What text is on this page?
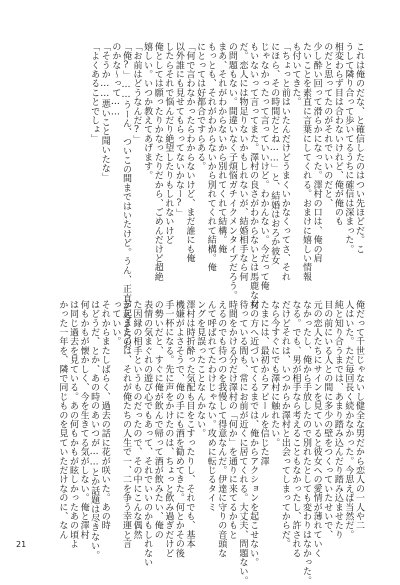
これは俺のだな、と確信したのはつい先ほどだ。こ

うして隣り合って歩いてるうちに確信は深まった。

相変わらず目は合わないけれど、俺が俺のも

のだと思ってたのがそれでいいのだと、

少し酔い回って滑らかになった。澤村の口は、俺の肩

たいことを素直に言葉にしてくれる。おまけに嬉しい情報

も付いてきた。

「ちょっと前はいたんだけどうまくいかなくってさ、それ

にほら、その時間だとね……」と、結婚はおろか彼女

じゃなかったって言っていいけど。わかんない。今だって俺

もいないって言ってまた。澤村の良さがわからないとは馬鹿な女

だ。恋人には物足りないかもしれないが、結婚相手なら何

の問題もない。間違いなく子煩悩ガチイクメンタイプだろう。

まあ、それがわからないから別れてくれて結構。俺

もっとも、それがわからないから別れてくれて結構。俺

にとっては好都合ですらある。

「何で言わなかったらわからないけど、まだ誰にも俺

以外誰にも見せてもらってないかなー?」

したらそれで悩んだり絶望したりもしれないけど

俺としては願ったりかなったりだから、ごめんだけど超絶

嬉しい。いつか教えてあげます。

「お前はどうなんだ?」

「俺?」……うーん、ついこの間まではいたけど。うん、正直そろそろお

のかな〜って……

「そうか……悪いこと聞いたな」

「よくあることでしょ」

俺だって千世じゃないし健全な男だから恋人の一人や二

人はいた。ただ毎回長く続かなかった。今思えば当然だ。

純と知り合うまでは、あまり踏み込んだり踏み込ませたり

目の前にいる人との間に多少の壁をつくっていたせいで、

元の恋人たちにサインを見ていると彼女への愛情が薄れていく

なかったし、俺から手放したので別れたとしても変わりはなかった。

なる。でも、男が相手なら考えることもなかったし、許される

だけどそれは、いつからか澤村と出会ってしまってからだ。

なら今すぐにでも澤村に触れたい。

たまには、最初からアピールを信じた澤

村の方へ近づいてくるまでは、俺からアクションを起こせない。

待っている間も、常にお前が近くに居てくれる。大丈夫、問題ない。

時間をかける分だけ澤村の「何か」を通りに来てるかもと

えるのでも待つのを我慢して得意なんだ。伊達に守りの音頭な

んて呼ばれてたわけじゃない。攻めに転じるタイミ

ングを見誤ったことなんかない。

澤村は時折酔った気配も目をこすったりし、それでも、基本

機嫌がよさそうで、俺の手にも酒を勧めてきた。何とかその後

手一杯になる。先に声をかけたのは、ちょっと飲み過ぎだけど

の勢いだと、すぐに俺が飲んで帰って酒が飲みたい、俺の

表情の気まぐれの遊び心でもあって、それでいいのかもしれない

た因縁の相手というものだったので、その中にこんな偶然

が起きたのは、それが俺たちの人生で一、二を争う幸運と言

っていい。

それからまたしばらく、過去の話に花が咲いた。あの時

はどうだ、とか、あの時のあいつが……とか話題は尽きない。

何もかもが懐かしく、今を生きてる気がしない。俺と澤村

は同じ過去を見ている。あの何もかもが眩しかったあの頃よ

かった一年を、隣で同じものを見ていただけなのに、なん

21
